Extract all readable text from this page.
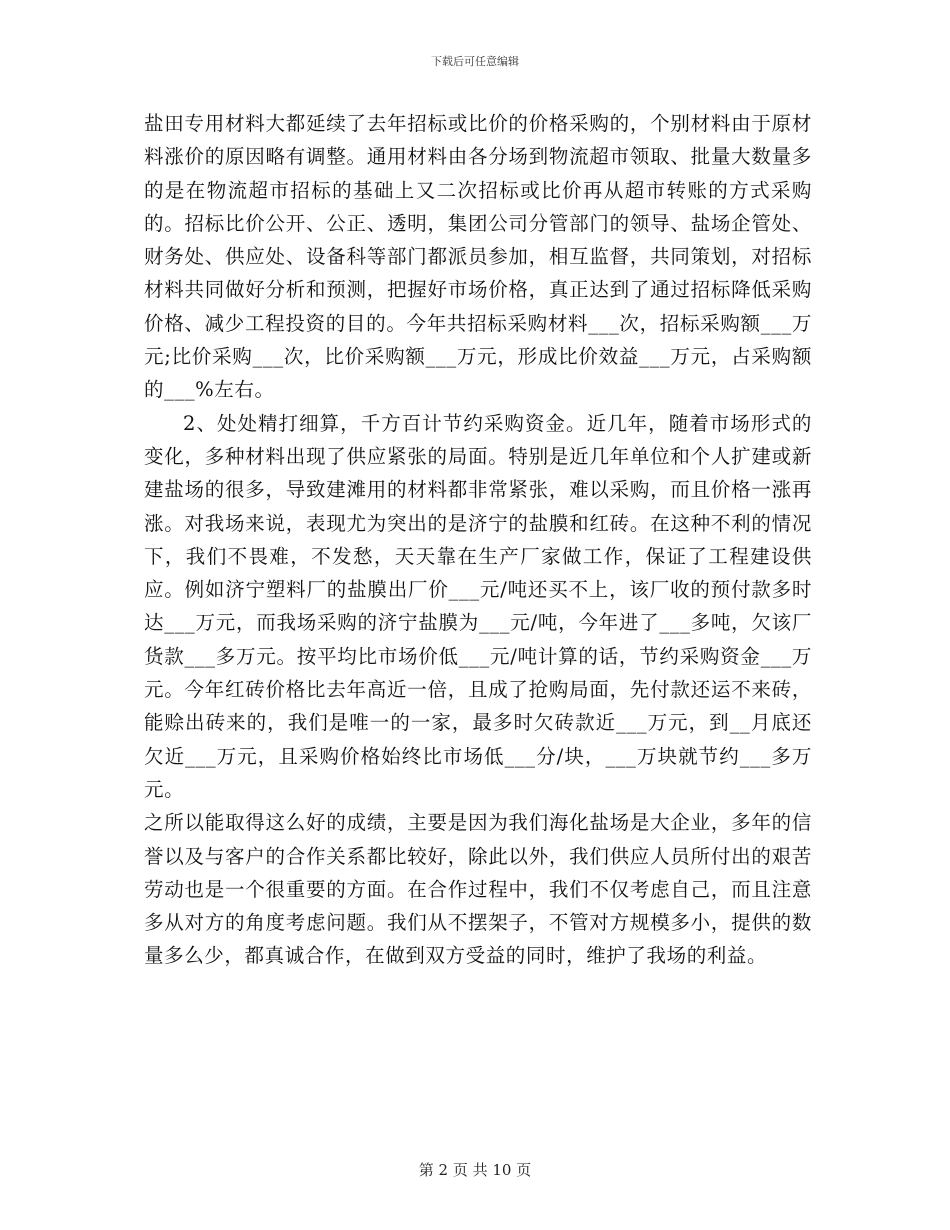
下载后可任意编辑

盐田专用材料大都延续了去年招标或比价的价格采购的，个别材料由于原材料涨价的原因略有调整。通用材料由各分场到物流超市领取、批量大数量多的是在物流超市招标的基础上又二次招标或比价再从超市转账的方式采购的。招标比价公开、公正、透明，集团公司分管部门的领导、盐场企管处、财务处、供应处、设备科等部门都派员参加，相互监督，共同策划，对招标材料共同做好分析和预测，把握好市场价格，真正达到了通过招标降低采购价格、减少工程投资的目的。今年共招标采购材料___次，招标采购额___万元;比价采购___次，比价采购额___万元，形成比价效益___万元，占采购额的___%左右。

2、处处精打细算，千方百计节约采购资金。近几年，随着市场形式的变化，多种材料出现了供应紧张的局面。特别是近几年单位和个人扩建或新建盐场的很多，导致建滩用的材料都非常紧张，难以采购，而且价格一涨再涨。对我场来说，表现尤为突出的是济宁的盐膜和红砖。在这种不利的情况下，我们不畏难，不发愁，天天靠在生产厂家做工作，保证了工程建设供应。例如济宁塑料厂的盐膜出厂价___元/吨还买不上，该厂收的预付款多时达___万元，而我场采购的济宁盐膜为___元/吨，今年进了___多吨，欠该厂货款___多万元。按平均比市场价低___元/吨计算的话，节约采购资金___万元。今年红砖价格比去年高近一倍，且成了抢购局面，先付款还运不来砖，能赊出砖来的，我们是唯一的一家，最多时欠砖款近___万元，到__月底还欠近___万元，且采购价格始终比市场低___分/块，___万块就节约___多万元。

之所以能取得这么好的成绩，主要是因为我们海化盐场是大企业，多年的信誉以及与客户的合作关系都比较好，除此以外，我们供应人员所付出的艰苦劳动也是一个很重要的方面。在合作过程中，我们不仅考虑自己，而且注意多从对方的角度考虑问题。我们从不摆架子，不管对方规模多小，提供的数量多么少，都真诚合作，在做到双方受益的同时，维护了我场的利益。

第 2 页 共 10 页
